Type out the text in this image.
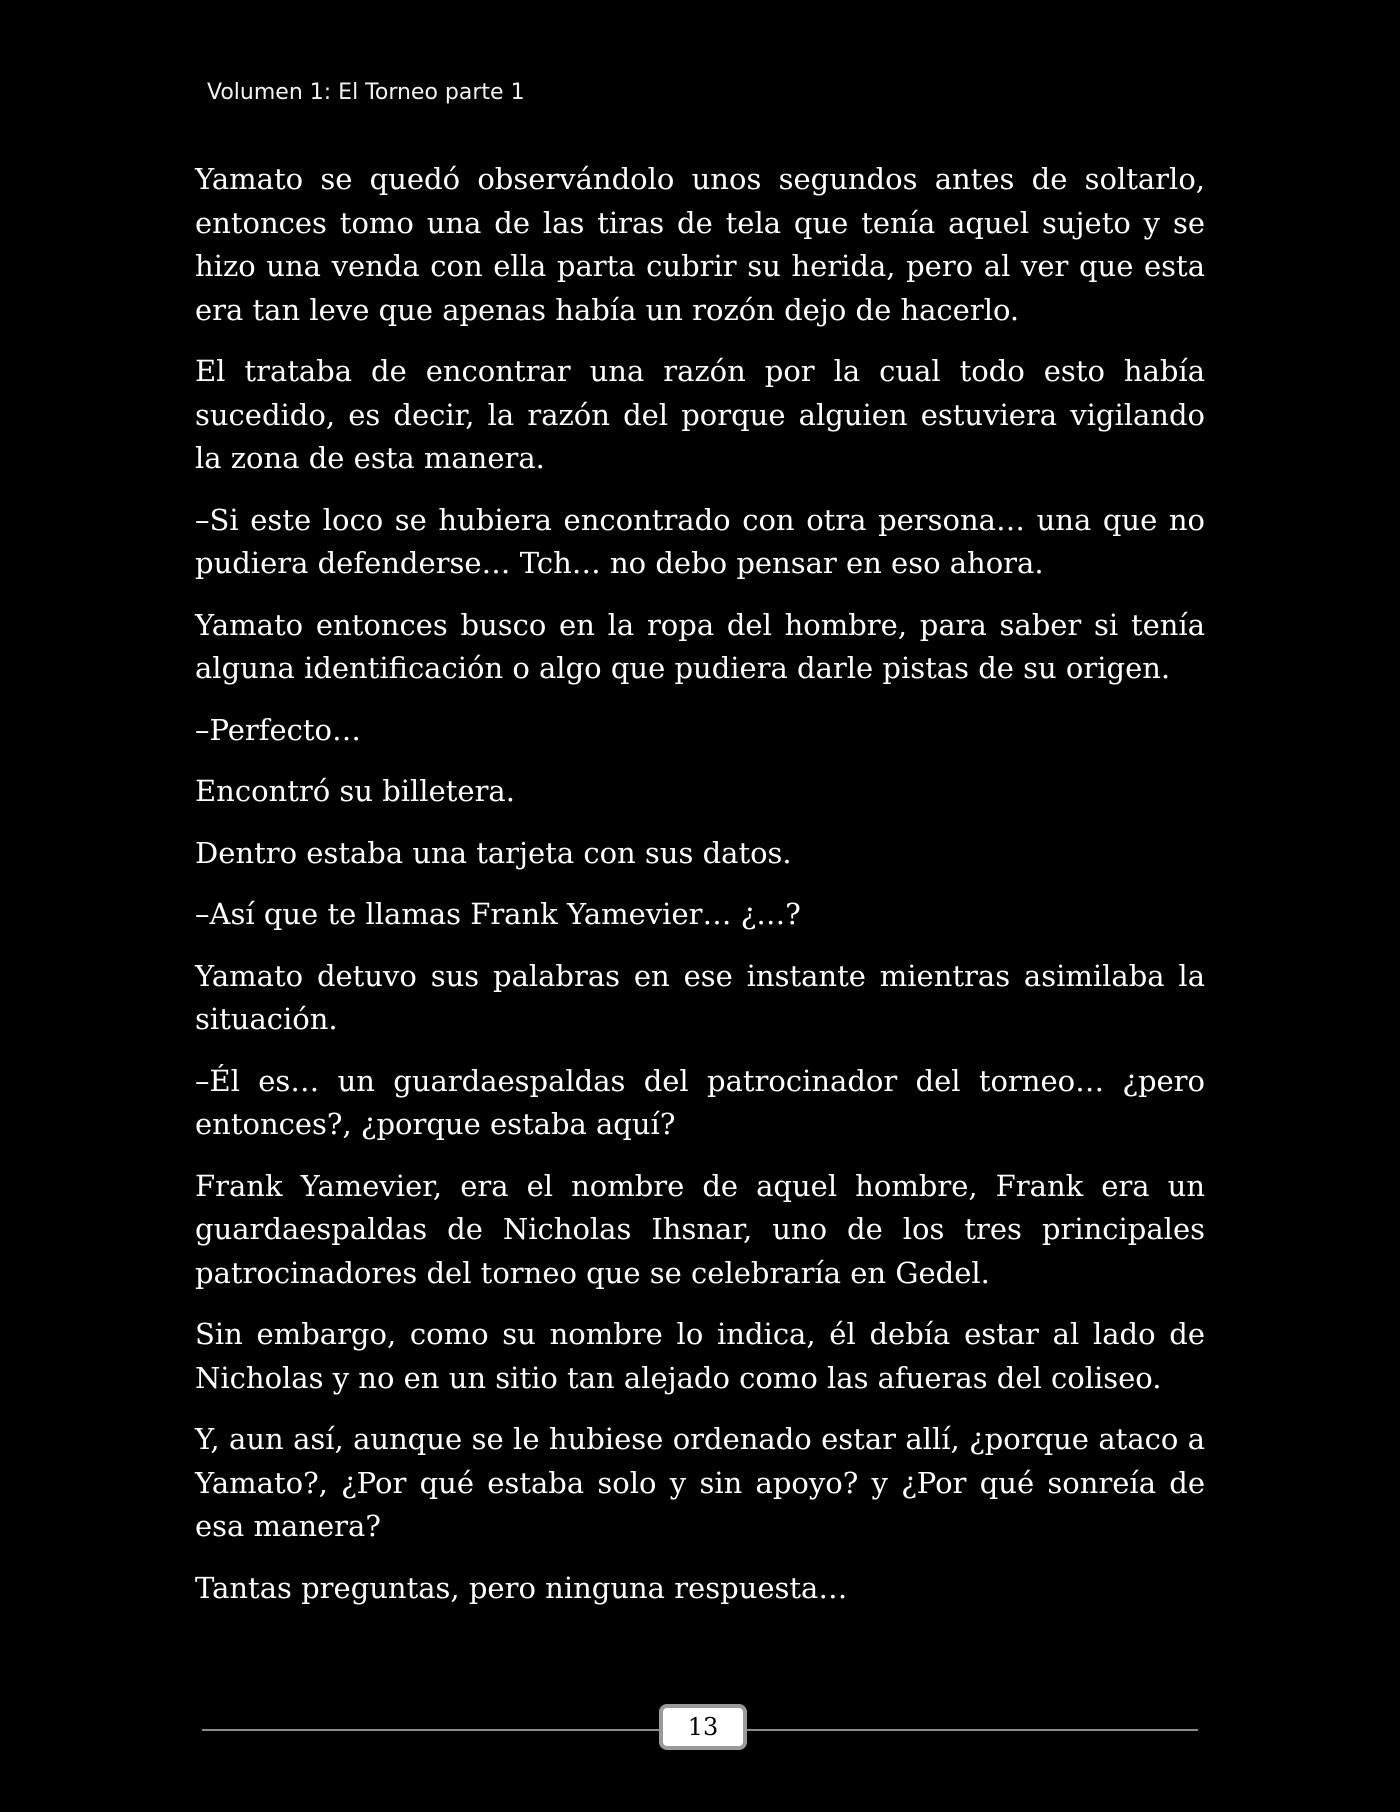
Volumen 1: El Torneo parte 1

Yamato se quedó observándolo unos segundos antes de soltarlo, entonces tomo una de las tiras de tela que tenía aquel sujeto y se hizo una venda con ella parta cubrir su herida, pero al ver que esta era tan leve que apenas había un rozón dejo de hacerlo.

El trataba de encontrar una razón por la cual todo esto había sucedido, es decir, la razón del porque alguien estuviera vigilando la zona de esta manera.

–Si este loco se hubiera encontrado con otra persona… una que no pudiera defenderse… Tch… no debo pensar en eso ahora.

Yamato entonces busco en la ropa del hombre, para saber si tenía alguna identificación o algo que pudiera darle pistas de su origen.

–Perfecto…

Encontró su billetera.

Dentro estaba una tarjeta con sus datos.

–Así que te llamas Frank Yamevier… ¿…?

Yamato detuvo sus palabras en ese instante mientras asimilaba la situación.

–Él es… un guardaespaldas del patrocinador del torneo… ¿pero entonces?, ¿porque estaba aquí?

Frank Yamevier, era el nombre de aquel hombre, Frank era un guardaespaldas de Nicholas Ihsnar, uno de los tres principales patrocinadores del torneo que se celebraría en Gedel.

Sin embargo, como su nombre lo indica, él debía estar al lado de Nicholas y no en un sitio tan alejado como las afueras del coliseo.

Y, aun así, aunque se le hubiese ordenado estar allí, ¿porque ataco a Yamato?, ¿Por qué estaba solo y sin apoyo? y ¿Por qué sonreía de esa manera?

Tantas preguntas, pero ninguna respuesta…

13
